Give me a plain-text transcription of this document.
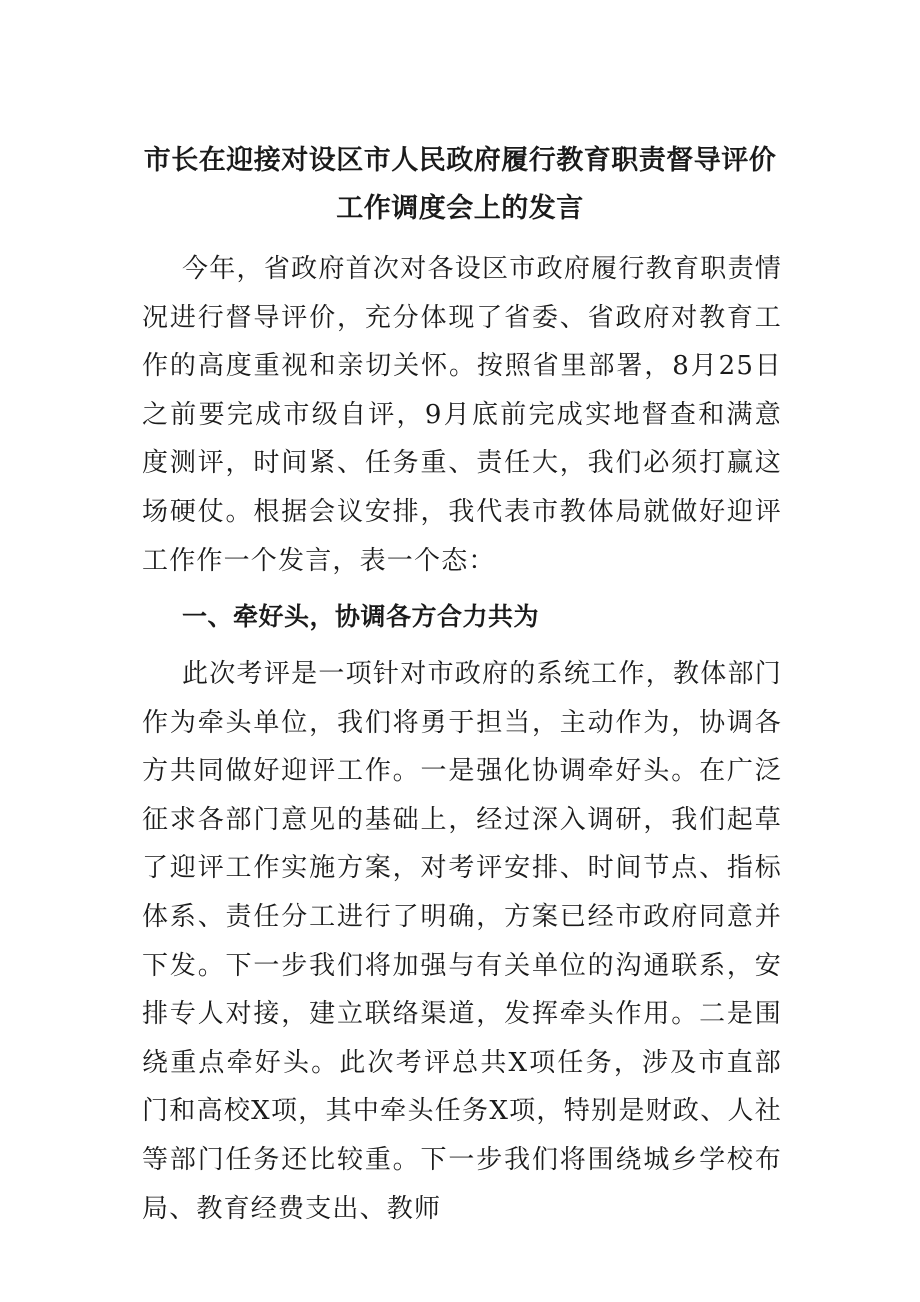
市长在迎接对设区市人民政府履行教育职责督导评价
工作调度会上的发言

今年，省政府首次对各设区市政府履行教育职责情况进行督导评价，充分体现了省委、省政府对教育工作的高度重视和亲切关怀。按照省里部署，8月25日之前要完成市级自评，9月底前完成实地督查和满意度测评，时间紧、任务重、责任大，我们必须打赢这场硬仗。根据会议安排，我代表市教体局就做好迎评工作作一个发言，表一个态：

一、牵好头，协调各方合力共为

此次考评是一项针对市政府的系统工作，教体部门作为牵头单位，我们将勇于担当，主动作为，协调各方共同做好迎评工作。一是强化协调牵好头。在广泛征求各部门意见的基础上，经过深入调研，我们起草了迎评工作实施方案，对考评安排、时间节点、指标体系、责任分工进行了明确，方案已经市政府同意并下发。下一步我们将加强与有关单位的沟通联系，安排专人对接，建立联络渠道，发挥牵头作用。二是围绕重点牵好头。此次考评总共X项任务，涉及市直部门和高校X项，其中牵头任务X项，特别是财政、人社等部门任务还比较重。下一步我们将围绕城乡学校布局、教育经费支出、教师
